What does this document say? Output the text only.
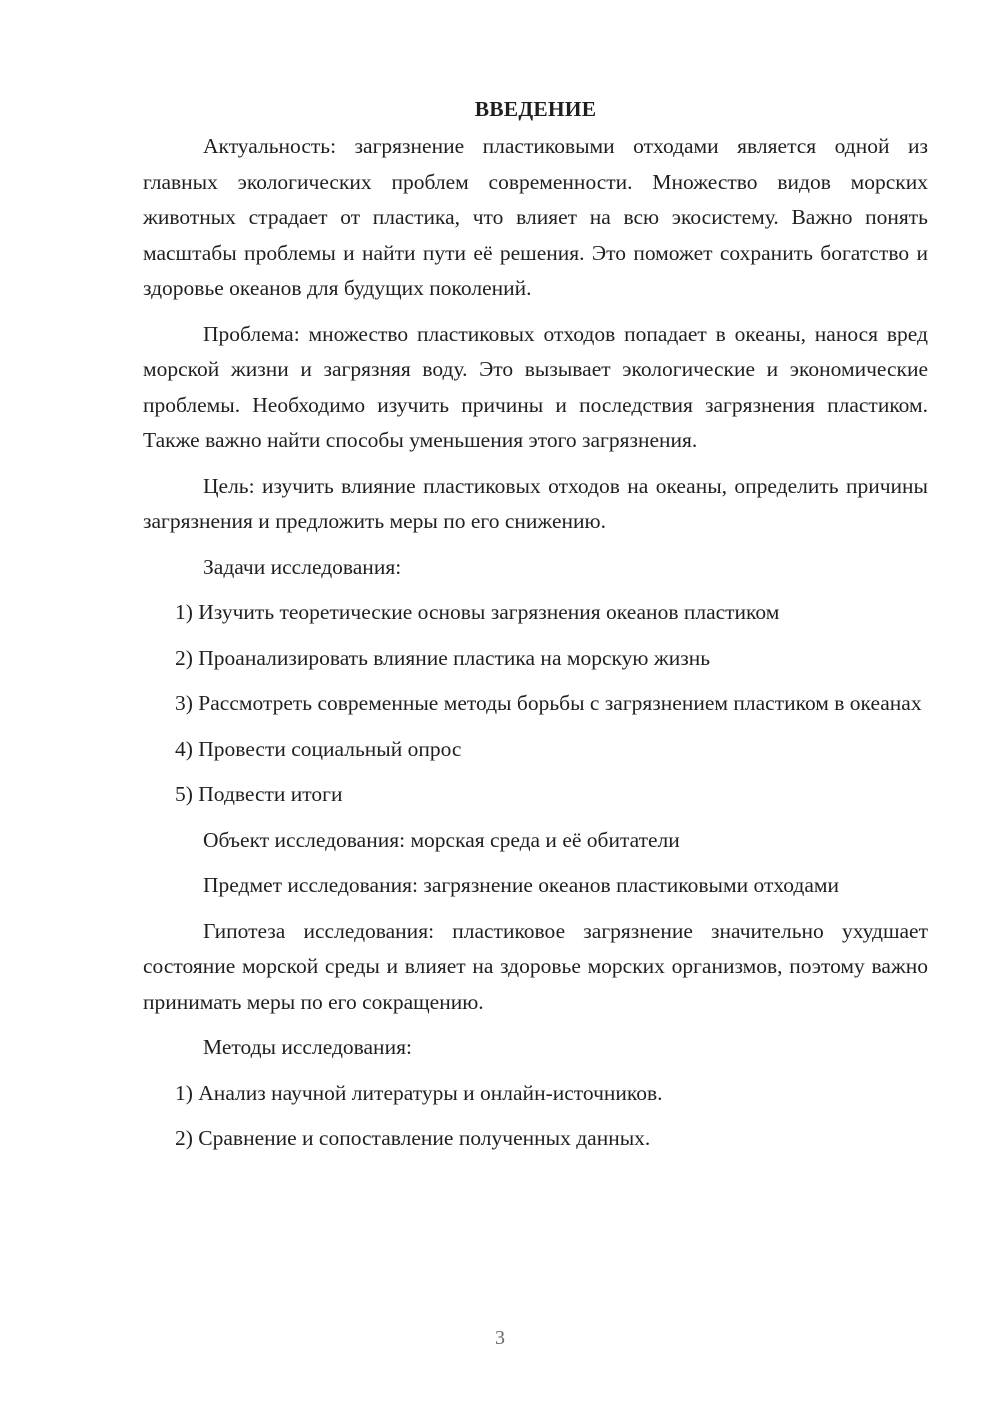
ВВЕДЕНИЕ

Актуальность: загрязнение пластиковыми отходами является одной из главных экологических проблем современности. Множество видов морских животных страдает от пластика, что влияет на всю экосистему. Важно понять масштабы проблемы и найти пути её решения. Это поможет сохранить богатство и здоровье океанов для будущих поколений.

Проблема: множество пластиковых отходов попадает в океаны, нанося вред морской жизни и загрязняя воду. Это вызывает экологические и экономические проблемы. Необходимо изучить причины и последствия загрязнения пластиком. Также важно найти способы уменьшения этого загрязнения.

Цель: изучить влияние пластиковых отходов на океаны, определить причины загрязнения и предложить меры по его снижению.

Задачи исследования:

1) Изучить теоретические основы загрязнения океанов пластиком

2) Проанализировать влияние пластика на морскую жизнь

3) Рассмотреть современные методы борьбы с загрязнением пластиком в океанах

4) Провести социальный опрос

5) Подвести итоги

Объект исследования: морская среда и её обитатели

Предмет исследования: загрязнение океанов пластиковыми отходами

Гипотеза исследования: пластиковое загрязнение значительно ухудшает состояние морской среды и влияет на здоровье морских организмов, поэтому важно принимать меры по его сокращению.

Методы исследования:

1) Анализ научной литературы и онлайн-источников.

2) Сравнение и сопоставление полученных данных.

3
